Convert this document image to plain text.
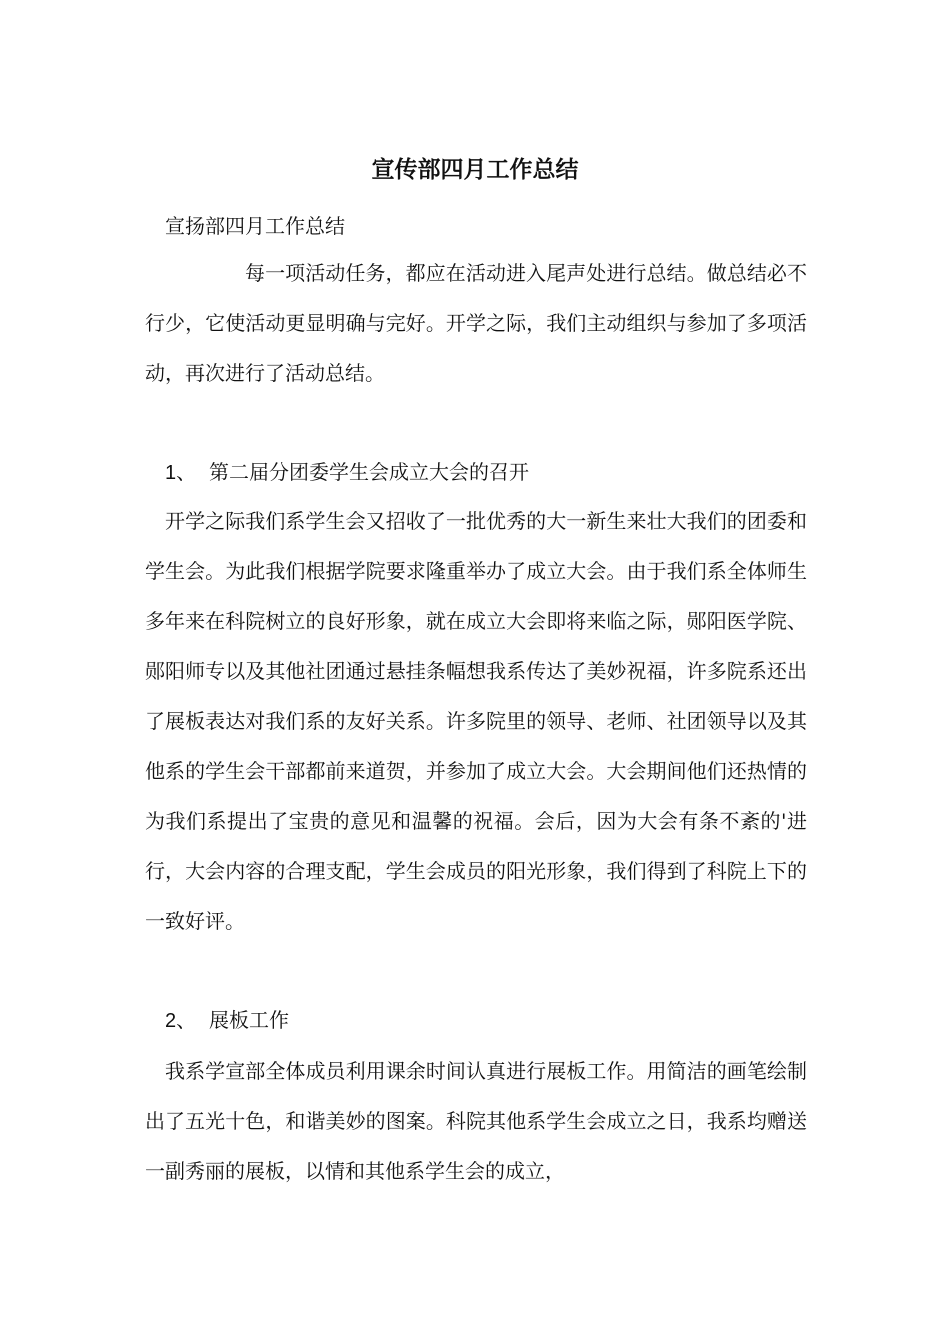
宣传部四月工作总结
宣扬部四月工作总结

每一项活动任务，都应在活动进入尾声处进行总结。做总结必不行少，它使活动更显明确与完好。开学之际，我们主动组织与参加了多项活动，再次进行了活动总结。

1、 第二届分团委学生会成立大会的召开

开学之际我们系学生会又招收了一批优秀的大一新生来壮大我们的团委和学生会。为此我们根据学院要求隆重举办了成立大会。由于我们系全体师生多年来在科院树立的良好形象，就在成立大会即将来临之际，郧阳医学院、郧阳师专以及其他社团通过悬挂条幅想我系传达了美妙祝福，许多院系还出了展板表达对我们系的友好关系。许多院里的领导、老师、社团领导以及其他系的学生会干部都前来道贺，并参加了成立大会。大会期间他们还热情的为我们系提出了宝贵的意见和温馨的祝福。会后，因为大会有条不紊的'进行，大会内容的合理支配，学生会成员的阳光形象，我们得到了科院上下的一致好评。

2、 展板工作

我系学宣部全体成员利用课余时间认真进行展板工作。用简洁的画笔绘制出了五光十色，和谐美妙的图案。科院其他系学生会成立之日，我系均赠送一副秀丽的展板，以情和其他系学生会的成立，
